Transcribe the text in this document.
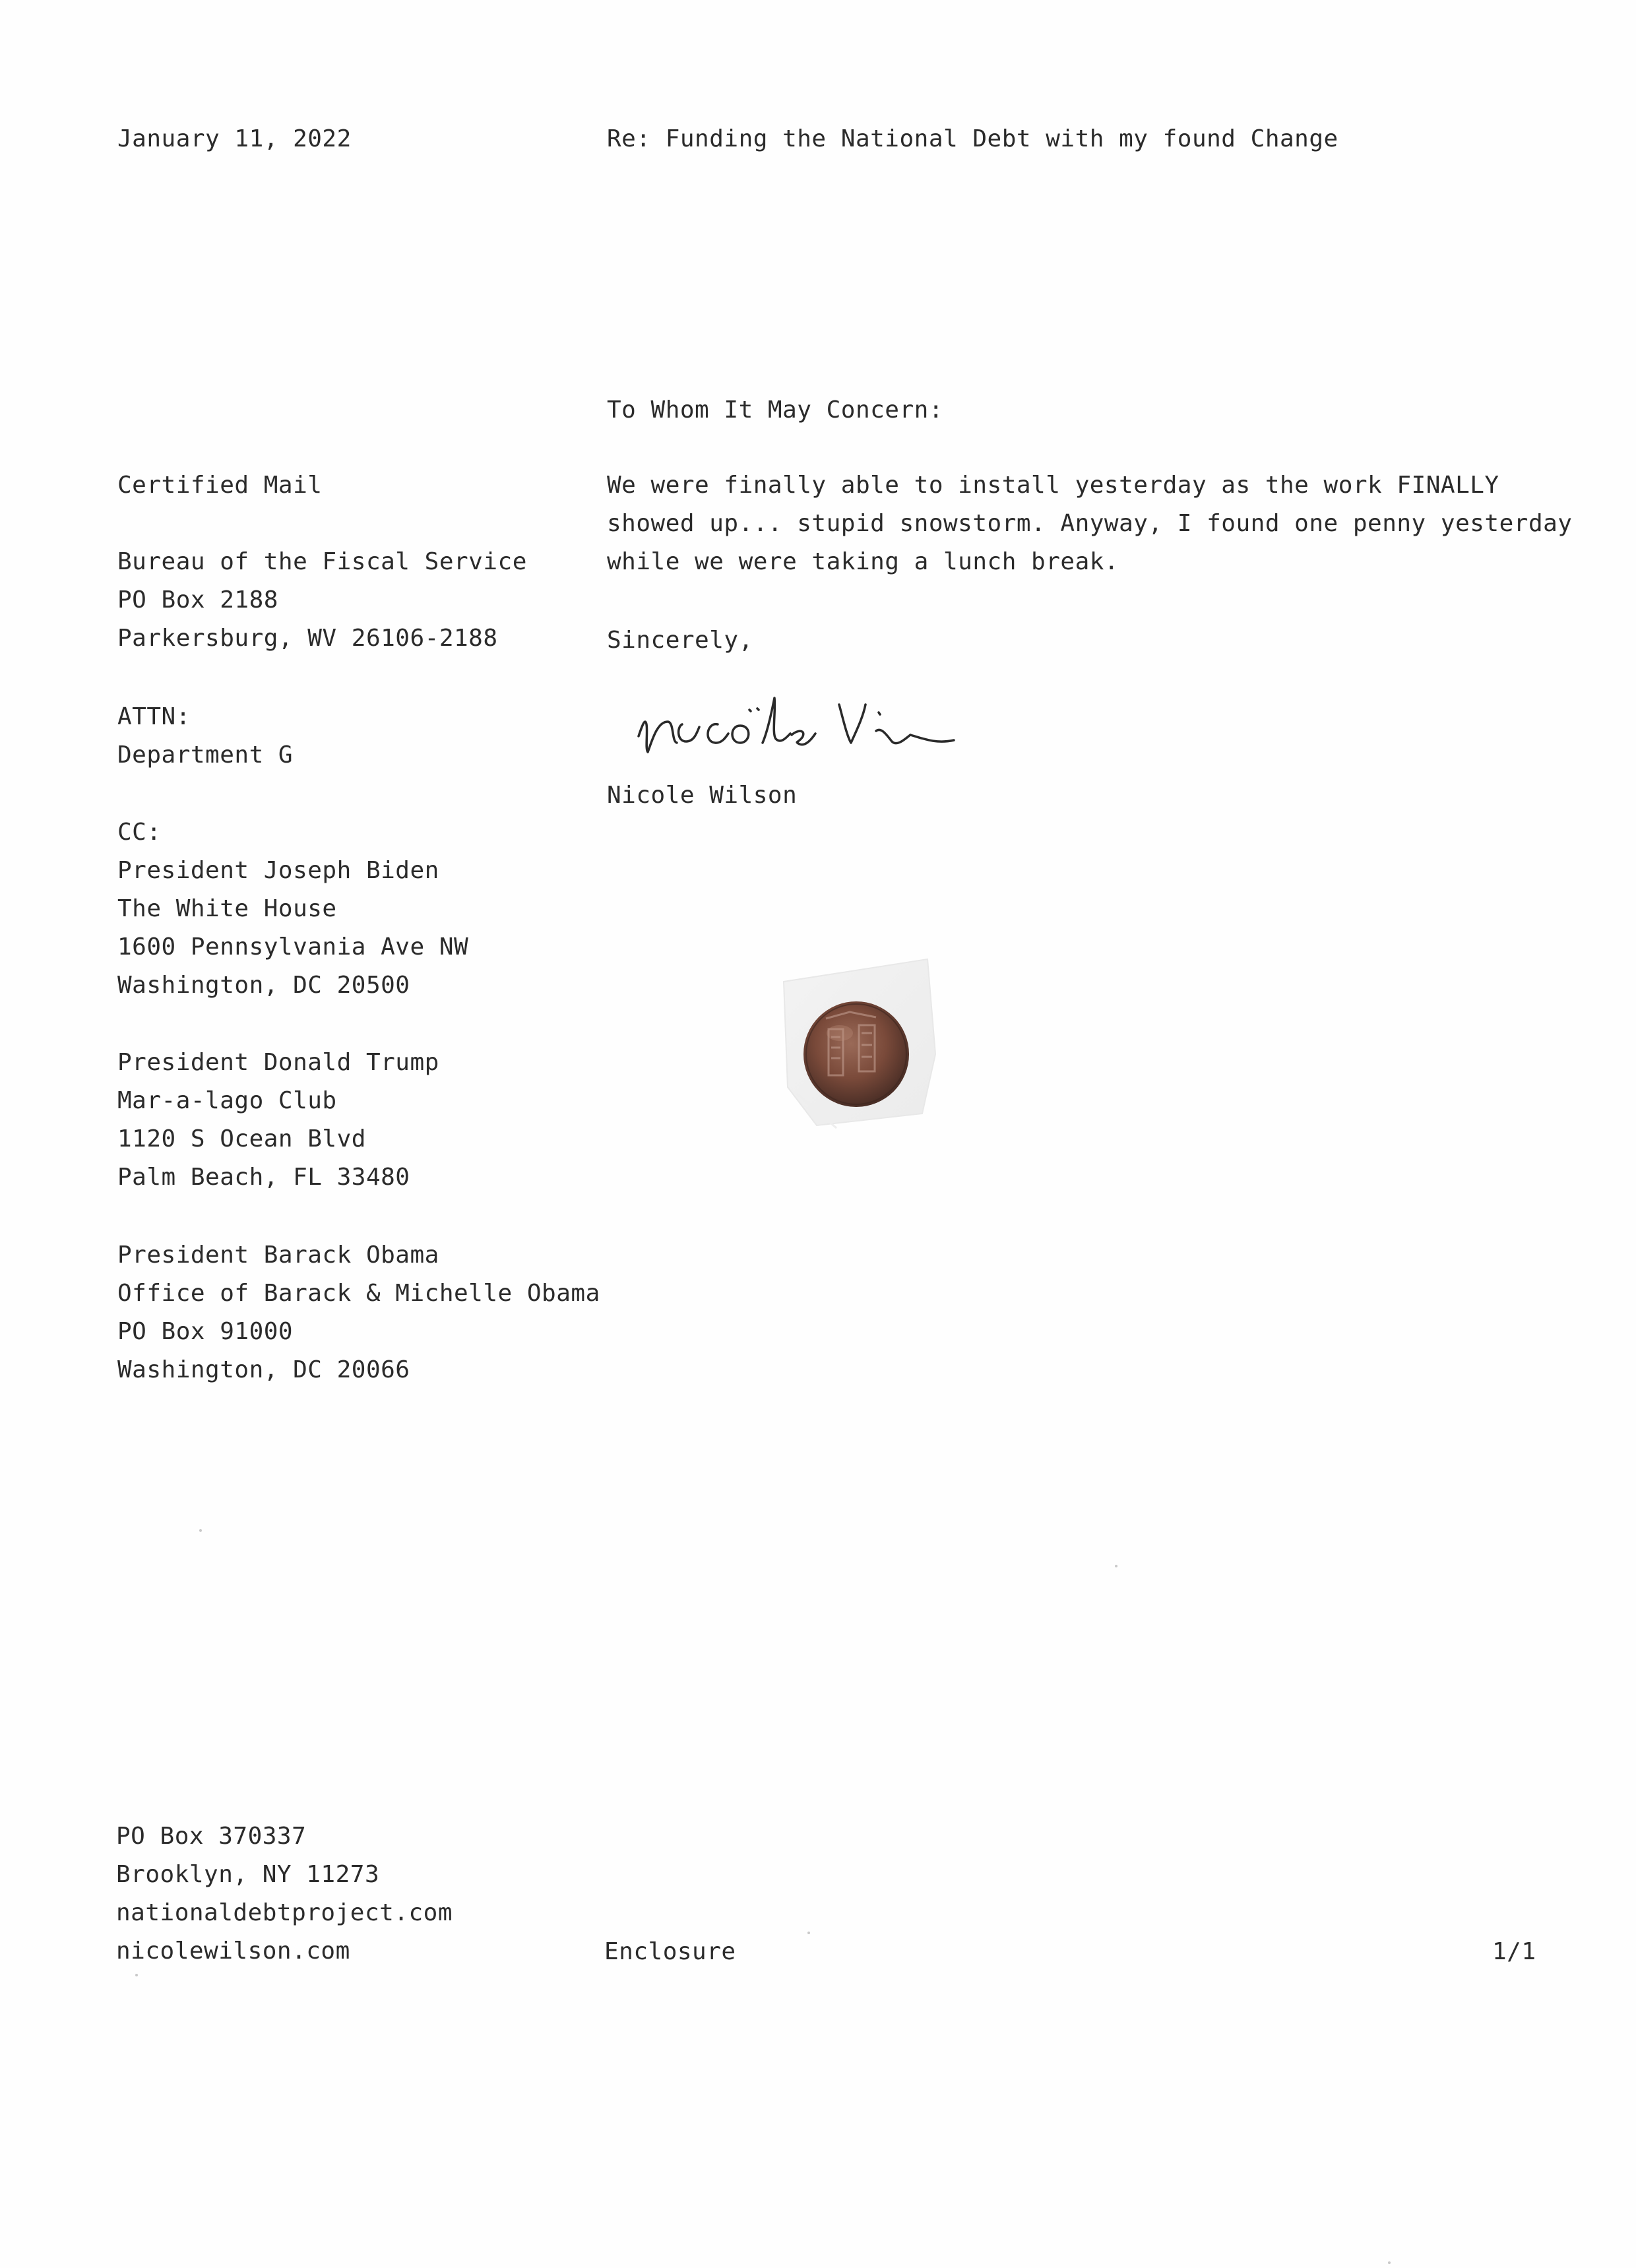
January 11, 2022	Re: Funding the National Debt with my found Change
To Whom It May Concern:
Certified Mail
Bureau of the Fiscal Service
PO Box 2188
Parkersburg, WV 26106-2188
ATTN:
Department G
CC:
President Joseph Biden
The White House
1600 Pennsylvania Ave NW
Washington, DC 20500
President Donald Trump
Mar-a-lago Club
1120 S Ocean Blvd
Palm Beach, FL 33480
President Barack Obama
Office of Barack & Michelle Obama
PO Box 91000
Washington, DC 20066
We were finally able to install yesterday as the work FINALLY
showed up... stupid snowstorm. Anyway, I found one penny yesterday
while we were taking a lunch break.
Sincerely,
Nicole Wilson
PO Box 370337
Brooklyn, NY 11273
nationaldebtproject.com
nicolewilson.com	Enclosure	1/1
